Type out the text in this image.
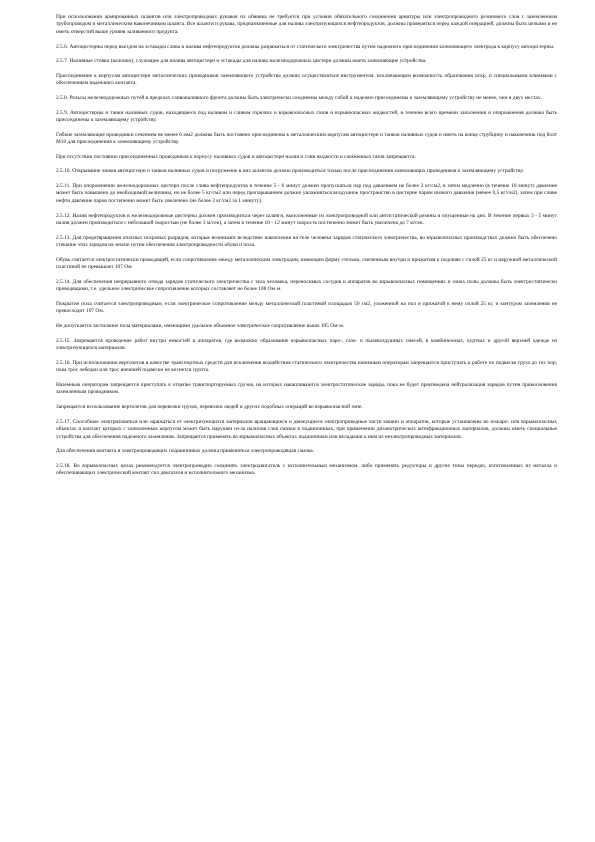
При использовании армированных шлангов или электропроводных рукавов их обвивка не требуется при условии обязательного соединения арматуры или электропроводного резинового слоя с заземленным трубопроводом и металлическим наконечником шланга. Все шланги и рукава, предназначенные для налива электризующихся нефтепродуктов, должны проверяться перед каждой операцией, должны быть целыми и не иметь отверстий выше уровня заливаемого продукта.

2.5.6. Автоцистерны перед въездом на эстакады слива и налива нефтепродуктов должны разряжаться от статического электричества путем надежного присоединения заземляющего электрода к корпусу автоцистерны.

2.5.7. Наливные стояки (колонки), служащие для налива автоцистерн и эстакады для налива железнодорожных цистерн должны иметь заземляющие устройства.

Присоединение к корпусам автоцистерн металлических проводников заземляющего устройства должно осуществляться инструментом, исключающим возможность образования искр, и специальными клеммами с обеспечением надежного контакта.

2.5.8. Рельсы железнодорожных путей в пределах сливоналивного фронта должны быть электрически соединены между собой и надежно присоединены к заземляющему устройству не менее, чем в двух местах.

2.5.9. Автоцистерны и танки наливных судов, находящиеся под наливом и сливом горючих и взрывоопасных газов и взрывоопасных жидкостей, в течение всего времени заполнения и опорожнения должны быть присоединены к заземляющему устройству.

Гибкие заземляющие проводники сечением не менее 6 мм2 должны быть постоянно присоединены к металлическим корпусам автоцистерн и танков наливных судов и иметь на конце струбцину и наконечник под болт М10 для присоединения к заземляющему устройству.

При отсутствии постоянно присоединенных проводников к корпусу наливных судов и автоцистерн налив и слив жидкости и сжиженных газов запрещается.

2.5.10. Открывание люков автоцистерн и танков наливных судов и погружение в них шлангов должно производиться только после присоединения заземляющих проводников к заземляющему устройству.

2.5.11. При опорожнении железнодорожных цистерн после слива нефтепродуктов в течение 5 - 6 минут должен пропускаться пар под давлением не более 2 кг/см2, в затем медленно (в течение 10 минут) давление может быть повышено до необходимой величины, но не более 5 кг/см2 или перед пропариванием должно увлажняться воздушное пространство в цистерне паром низкого давления (менее 0,5 кг/см2), затем при сливе нефти давление паров постепенно может быть увеличено (не более 2 кг/см2 за 1 минуту).

2.5.12. Налив нефтепродуктов в железнодорожные цистерны должен производиться через шланги, выполненные из электропроводной или антистатической резины и опущенные на дно. В течение первых 3 - 5 минут налив должен производиться с небольшой скоростью (не более 3 м/сек), а затем в течение 10 - 12 минут скорость постепенно может быть увеличена до 7 м/сек.

2.5.13. Для предотвращения опасных искровых разрядов, которые возникают вследствие накопления на теле человека зарядов статического электричества, во взрывоопасных производствах должно быть обеспечено стекание этих зарядов на землю путем обеспечения электропроводности обуви и пола.

Обувь считается электростатически проводящей, если сопротивление между металлическим электродом, имеющим форму стельки, смоченным внутри и прижатым к подошве с силой 25 кг и наружной металлической пластиной не превышает 107 Ом.

2.5.14. Для обеспечения непрерывного отвода зарядов статического электричества с тела человека, переносимых сосудов и аппаратов во взрывоопасных помещениях и зонах полы должны быть электростатически проводящими, т.е. удельное электрическое сопротивление которых составляет не более 108 Ом·м.

Покрытие пола считается электропроводным, если электрическое сопротивление между металлической пластиной площадью 50 см2, уложенной на пол и прижатой к нему силой 25 кг, и контуром заземления не превосходит 107 Ом.

Не допускается застилание пола материалами, имеющими удельное объемное электрическое сопротивление выше 105 Ом·м.

2.5.15. Запрещается проведение работ внутри емкостей и аппаратов, где возможно образование взрывоопасных паро-, газо- и пылевоздушных смесей, в комбинезонах, куртках и другой верхней одежде из электризующихся материалов.

2.5.16. При использовании вертолетов в качестве транспортных средств для исключения воздействия статического электричества наземным операторам запрещается приступать к работе по подвеске груза до тех пор, пока трос лебедки или трос внешней подвески не коснется грунта.

Наземным операторам запрещается приступать к отцепке транспортируемых грузов, на которых накапливаются электростатические заряды, пока не будет произведена нейтрализация зарядов путем прикосновения заземленным проводником.

Запрещается использование вертолетов для перевозки грузов, перевозки людей и других подобных операций во взрывоопасной зоне.

2.5.17. Способные электризоваться или заряжаться от электризующихся материалов вращающиеся и движущиеся электропроводные части машин и аппаратов, которые установлены во пожаро- или взрывоопасных объектах и контакт которых с заземленным корпусом может быть нарушен из-за наличия слоя смазки в подшипниках, при применении диэлектрических антифрикционных материалов, должны иметь специальные устройства для обеспечения надежного заземления. Запрещается применять во взрывоопасных объектах подшипники или вкладыши к ним из неэлектропроводных материалов.

Для обеспечения контакта в электропроводящих подшипниках должна применяться электропроводящая смазка.

2.5.18. Во взрывоопасных цехах рекомендуется электропроводно соединять электродвигатель с исполнительным механизмом, либо применять редукторы и другие типы передач, изготовленных из металла и обеспечивающих электрический контакт сил двигателя и исполнительного механизма.
